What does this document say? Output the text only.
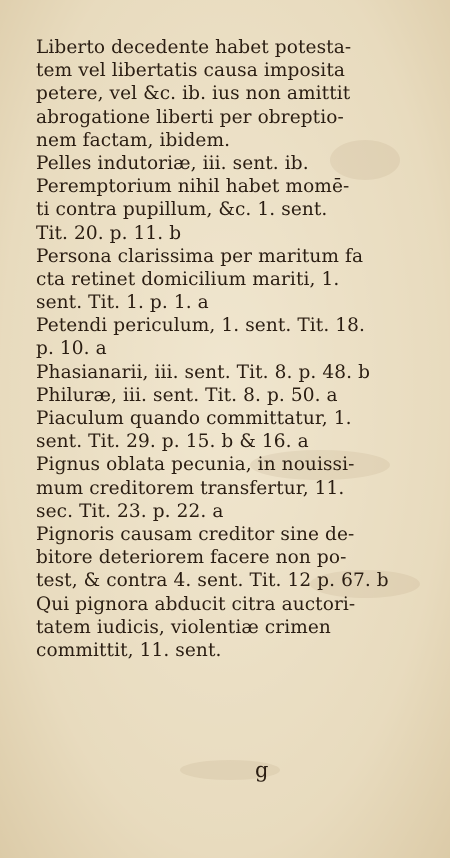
Liberto decedente habet potesta-
tem vel libertatis causa imposita
petere, vel &c. ib. ius non amittit
abrogatione liberti per obreptio-
nem factam, ibidem.
Pelles indutoriæ, iii. sent. ib.
Peremptorium nihil habet momē-
ti contra pupillum, &c. 1. sent.
Tit. 20. p. 11. b
Persona clarissima per maritum fa
cta retinet domicilium mariti, 1.
sent. Tit. 1. p. 1. a
Petendi periculum, 1. sent. Tit. 18.
p. 10. a
Phasianarii, iii. sent. Tit. 8. p. 48. b
Philuræ, iii. sent. Tit. 8. p. 50. a
Piaculum quando committatur, 1.
sent. Tit. 29. p. 15. b & 16. a
Pignus oblata pecunia, in nouissi-
mum creditorem transfertur, 11.
sec. Tit. 23. p. 22. a
Pignoris causam creditor sine de-
bitore deteriorem facere non po-
test, & contra 4. sent. Tit. 12 p. 67. b
Qui pignora abducit citra auctori-
tatem iudicis, violentiæ crimen
committit, 11. sent.
g
